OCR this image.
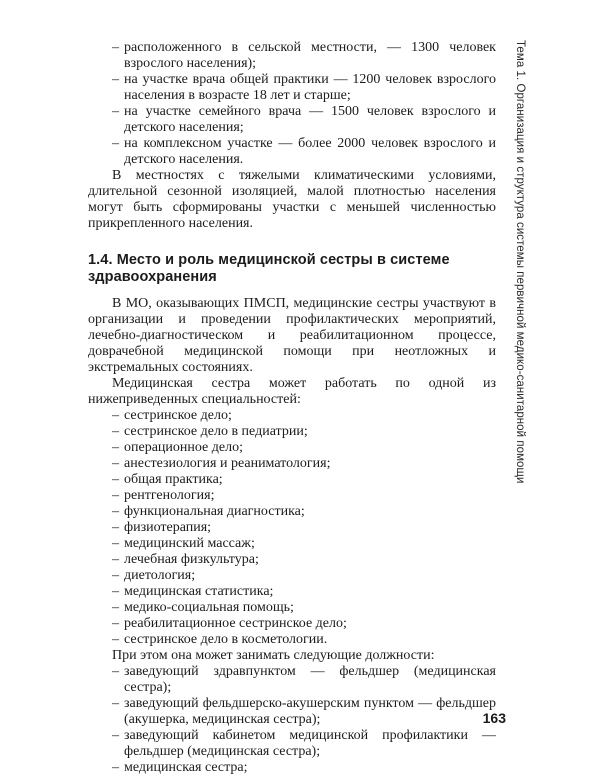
– расположенного в сельской местности, — 1300 человек взрослого населения);
– на участке врача общей практики — 1200 человек взрослого населения в возрасте 18 лет и старше;
– на участке семейного врача — 1500 человек взрослого и детского населения;
– на комплексном участке — более 2000 человек взрослого и детского населения.

В местностях с тяжелыми климатическими условиями, длительной сезонной изоляцией, малой плотностью населения могут быть сформированы участки с меньшей численностью прикрепленного населения.

1.4. Место и роль медицинской сестры в системе здравоохранения

В МО, оказывающих ПМСП, медицинские сестры участвуют в организации и проведении профилактических мероприятий, лечебно-диагностическом и реабилитационном процессе, доврачебной медицинской помощи при неотложных и экстремальных состояниях.

Медицинская сестра может работать по одной из нижеприведенных специальностей:

– сестринское дело;
– сестринское дело в педиатрии;
– операционное дело;
– анестезиология и реаниматология;
– общая практика;
– рентгенология;
– функциональная диагностика;
– физиотерапия;
– медицинский массаж;
– лечебная физкультура;
– диетология;
– медицинская статистика;
– медико-социальная помощь;
– реабилитационное сестринское дело;
– сестринское дело в косметологии.

При этом она может занимать следующие должности:

– заведующий здравпунктом — фельдшер (медицинская сестра);
– заведующий фельдшерско-акушерским пунктом — фельдшер (акушерка, медицинская сестра);
– заведующий кабинетом медицинской профилактики — фельдшер (медицинская сестра);
– медицинская сестра;
Тема 1. Организация и структура системы первичной медико-санитарной помощи
163
